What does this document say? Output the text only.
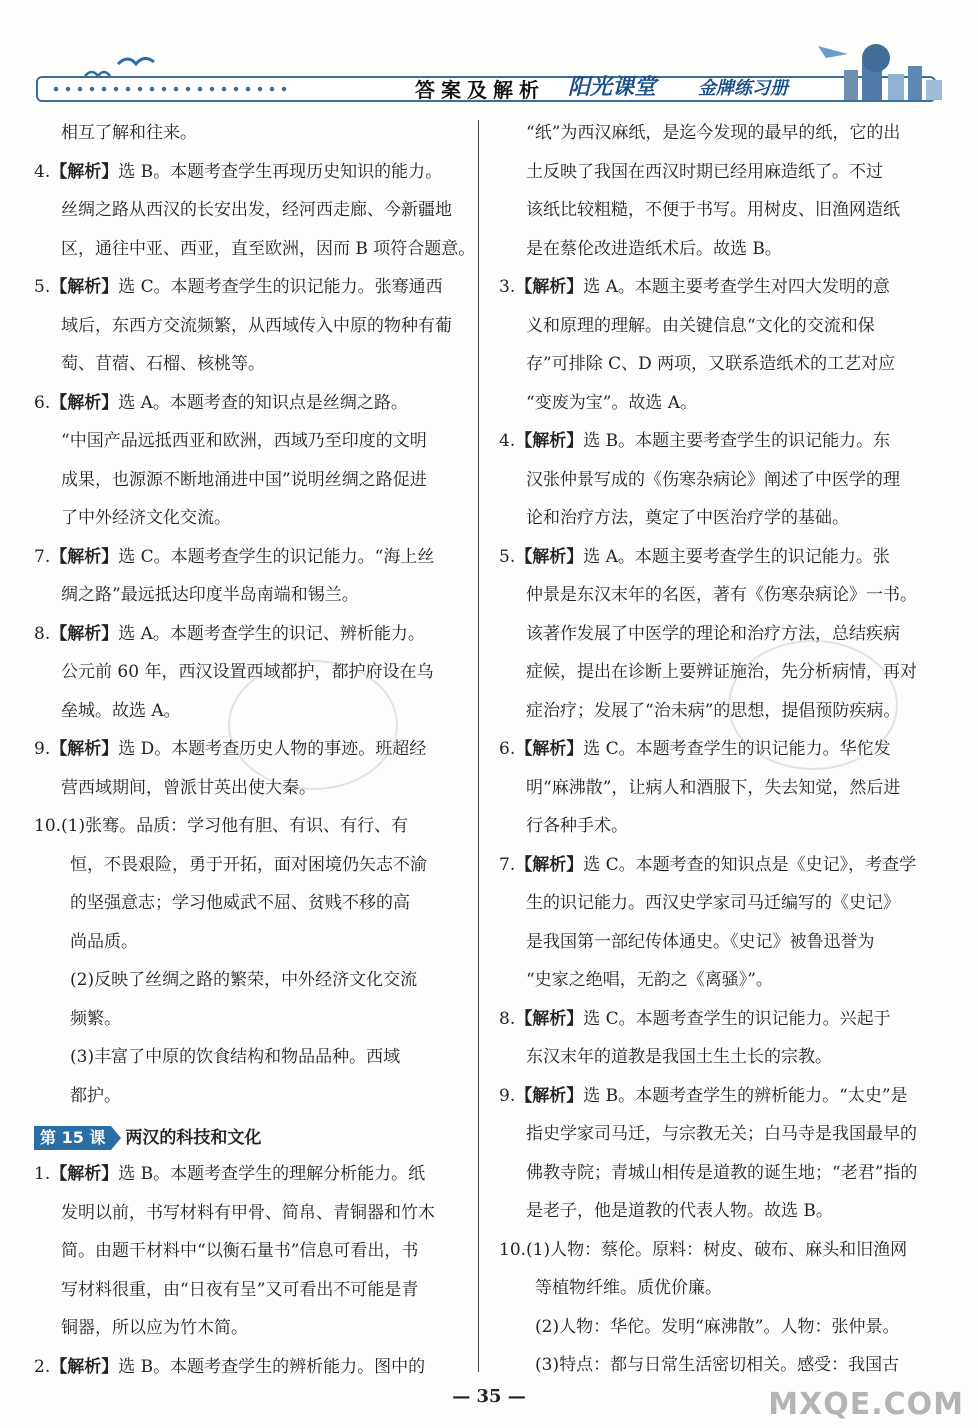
答案及解析 阳光课堂 金牌练习册
相互了解和往来。
4.【解析】选 B。本题考查学生再现历史知识的能力。
丝绸之路从西汉的长安出发，经河西走廊、今新疆地
区，通往中亚、西亚，直至欧洲，因而 B 项符合题意。
5.【解析】选 C。本题考查学生的识记能力。张骞通西
域后，东西方交流频繁，从西域传入中原的物种有葡
萄、苜蓿、石榴、核桃等。
6.【解析】选 A。本题考查的知识点是丝绸之路。
“中国产品远抵西亚和欧洲，西域乃至印度的文明
成果，也源源不断地涌进中国”说明丝绸之路促进
了中外经济文化交流。
7.【解析】选 C。本题考查学生的识记能力。“海上丝
绸之路”最远抵达印度半岛南端和锡兰。
8.【解析】选 A。本题考查学生的识记、辨析能力。
公元前 60 年，西汉设置西域都护，都护府设在乌
垒城。故选 A。
9.【解析】选 D。本题考查历史人物的事迹。班超经
营西域期间，曾派甘英出使大秦。
10.(1)张骞。品质：学习他有胆、有识、有行、有
恒，不畏艰险，勇于开拓，面对困境仍矢志不渝
的坚强意志；学习他威武不屈、贫贱不移的高
尚品质。
(2)反映了丝绸之路的繁荣，中外经济文化交流
频繁。
(3)丰富了中原的饮食结构和物品品种。西域
都护。
第 15 课	两汉的科技和文化
1.【解析】选 B。本题考查学生的理解分析能力。纸
发明以前，书写材料有甲骨、简帛、青铜器和竹木
简。由题干材料中“以衡石量书”信息可看出，书
写材料很重，由“日夜有呈”又可看出不可能是青
铜器，所以应为竹木简。
2.【解析】选 B。本题考查学生的辨析能力。图中的
“纸”为西汉麻纸，是迄今发现的最早的纸，它的出
土反映了我国在西汉时期已经用麻造纸了。不过
该纸比较粗糙，不便于书写。用树皮、旧渔网造纸
是在蔡伦改进造纸术后。故选 B。
3.【解析】选 A。本题主要考查学生对四大发明的意
义和原理的理解。由关键信息“文化的交流和保
存”可排除 C、D 两项，又联系造纸术的工艺对应
“变废为宝”。故选 A。
4.【解析】选 B。本题主要考查学生的识记能力。东
汉张仲景写成的《伤寒杂病论》阐述了中医学的理
论和治疗方法，奠定了中医治疗学的基础。
5.【解析】选 A。本题主要考查学生的识记能力。张
仲景是东汉末年的名医，著有《伤寒杂病论》一书。
该著作发展了中医学的理论和治疗方法，总结疾病
症候，提出在诊断上要辨证施治，先分析病情，再对
症治疗；发展了“治未病”的思想，提倡预防疾病。
6.【解析】选 C。本题考查学生的识记能力。华佗发
明“麻沸散”，让病人和酒服下，失去知觉，然后进
行各种手术。
7.【解析】选 C。本题考查的知识点是《史记》，考查学
生的识记能力。西汉史学家司马迁编写的《史记》
是我国第一部纪传体通史。《史记》被鲁迅誉为
“史家之绝唱，无韵之《离骚》”。
8.【解析】选 C。本题考查学生的识记能力。兴起于
东汉末年的道教是我国土生土长的宗教。
9.【解析】选 B。本题考查学生的辨析能力。“太史”是
指史学家司马迁，与宗教无关；白马寺是我国最早的
佛教寺院；青城山相传是道教的诞生地；“老君”指的
是老子，他是道教的代表人物。故选 B。
10.(1)人物：蔡伦。原料：树皮、破布、麻头和旧渔网
等植物纤维。质优价廉。
(2)人物：华佗。发明“麻沸散”。人物：张仲景。
(3)特点：都与日常生活密切相关。感受：我国古
— 35 —	MXQE.COM
